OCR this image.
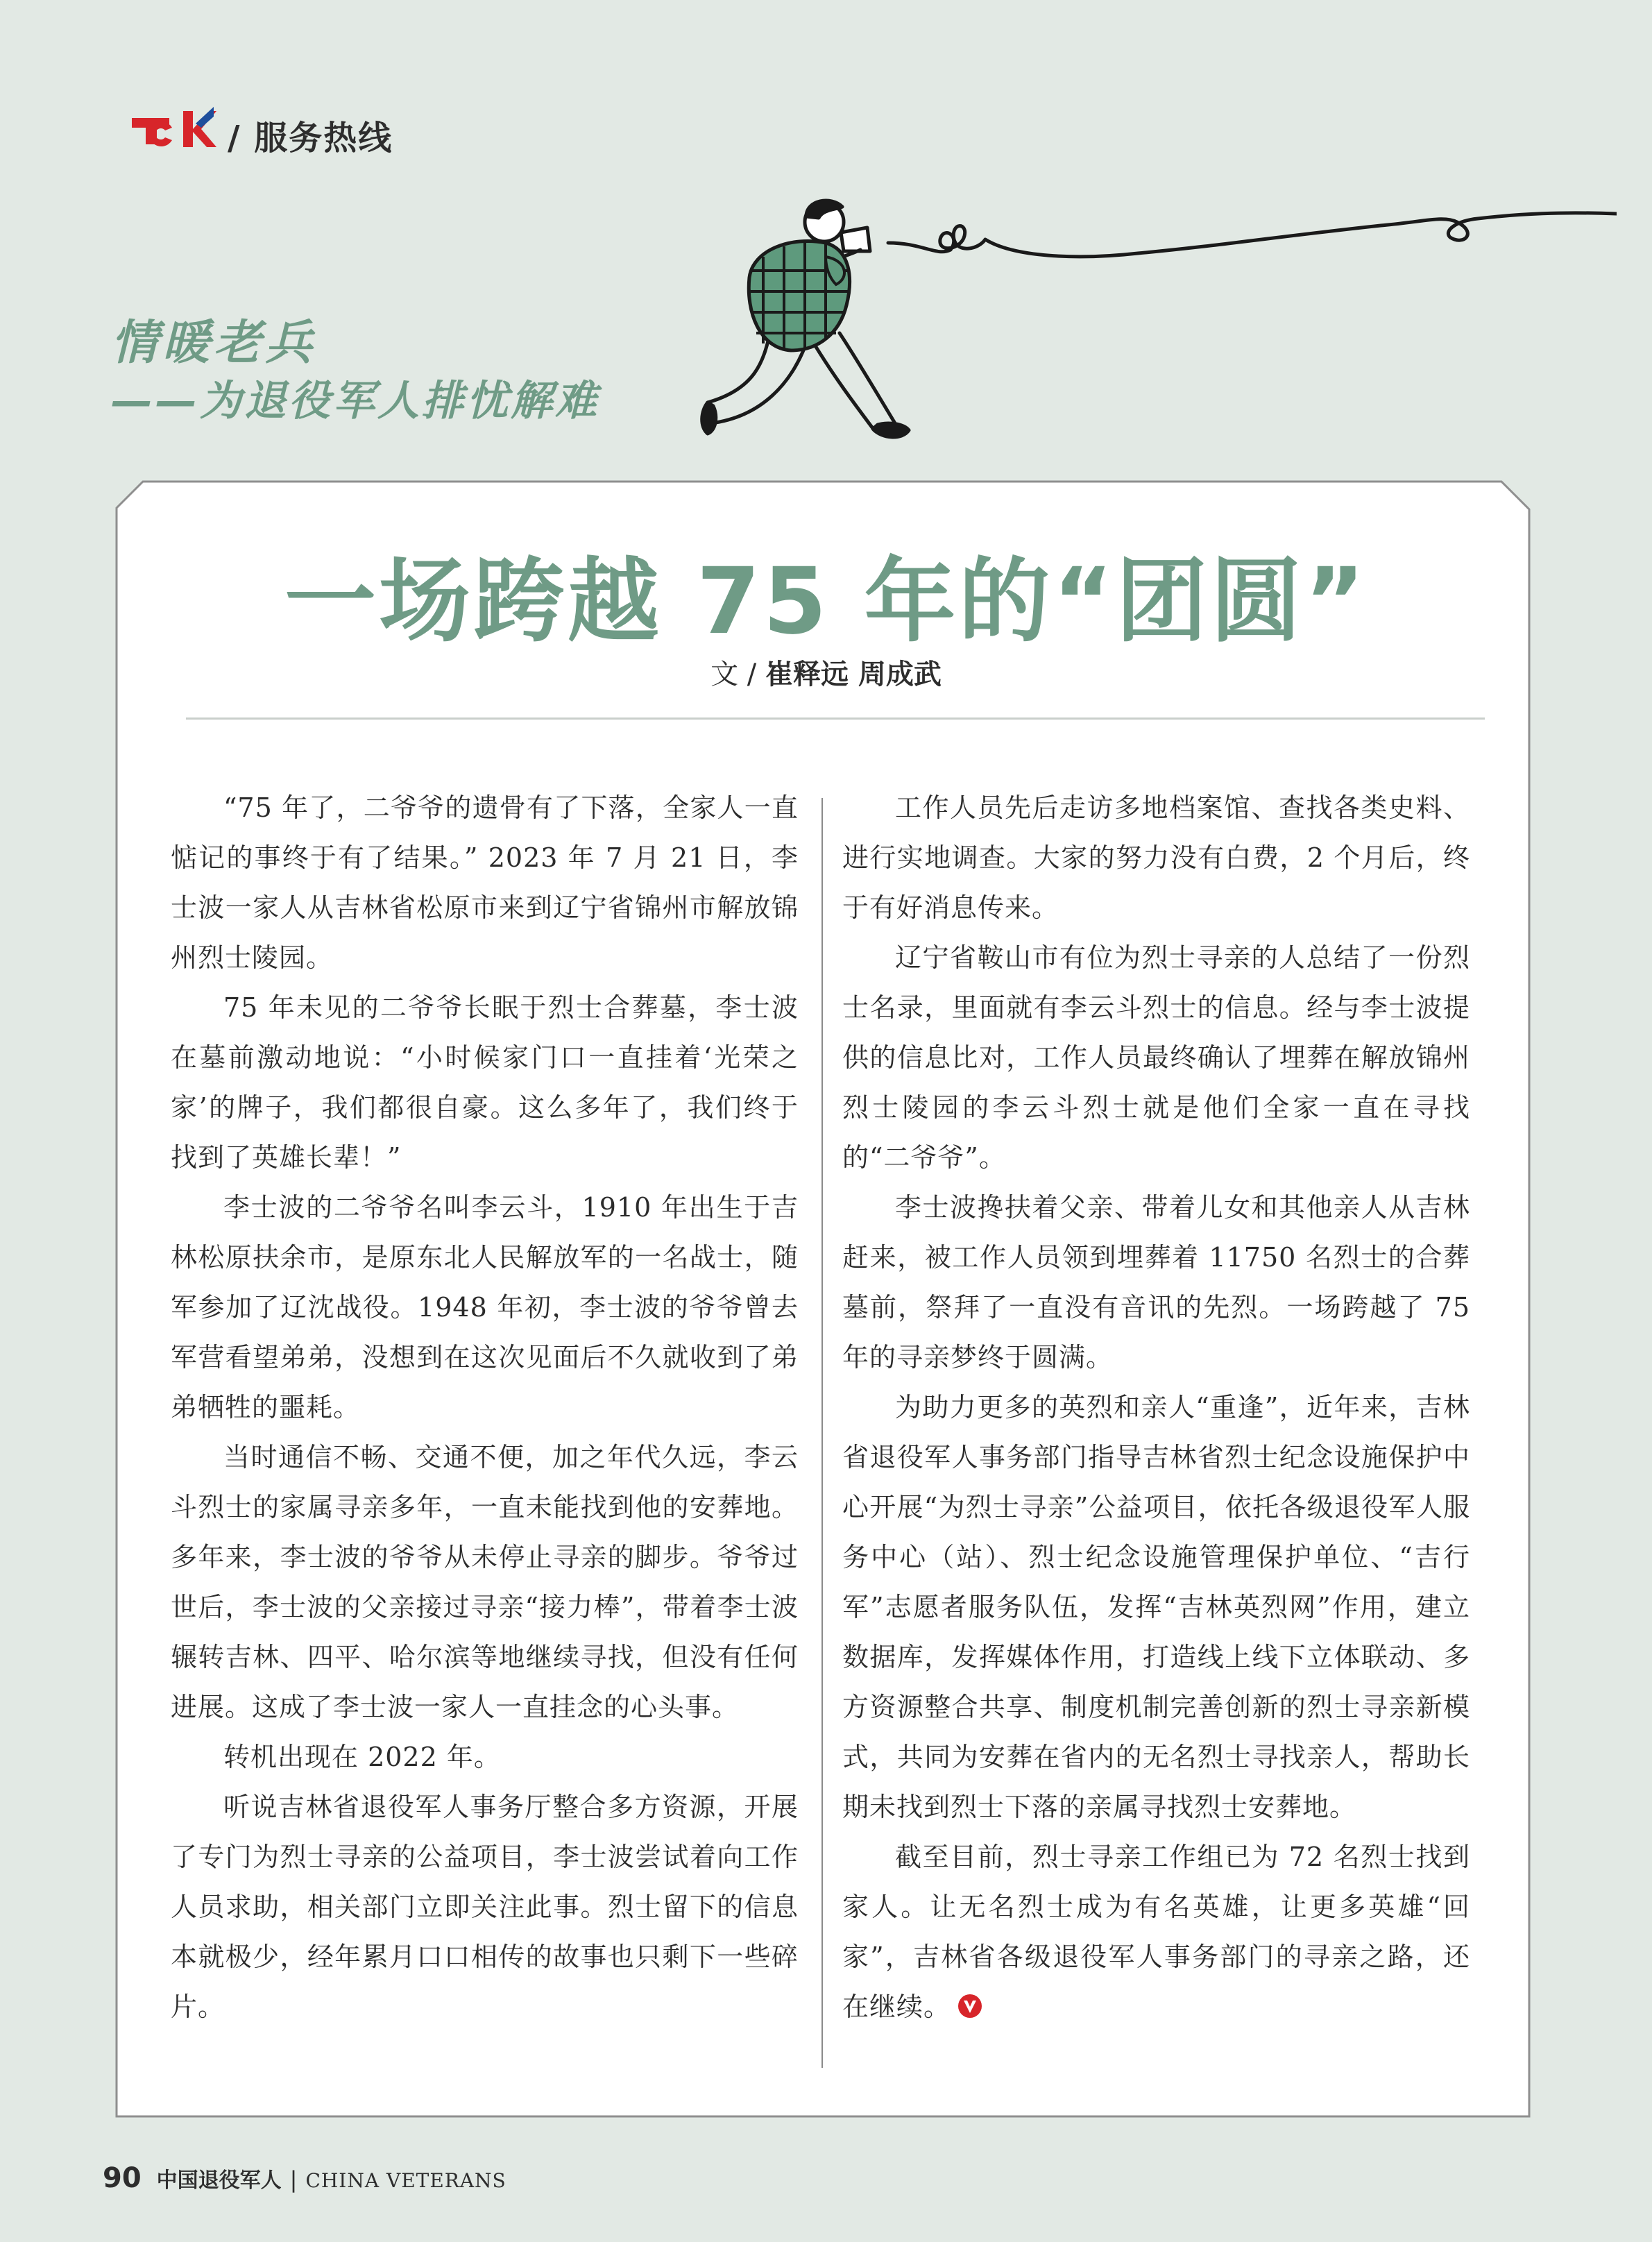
/ 服务热线
情暖老兵
——为退役军人排忧解难
一场跨越 75 年的“团圆”
文 / 崔释远 周成武

“75 年了，二爷爷的遗骨有了下落，全家人一直惦记的事终于有了结果。” 2023 年 7 月 21 日，李士波一家人从吉林省松原市来到辽宁省锦州市解放锦州烈士陵园。

75 年未见的二爷爷长眠于烈士合葬墓，李士波在墓前激动地说：“小时候家门口一直挂着‘光荣之家’的牌子，我们都很自豪。这么多年了，我们终于找到了英雄长辈！”

李士波的二爷爷名叫李云斗，1910 年出生于吉林松原扶余市，是原东北人民解放军的一名战士，随军参加了辽沈战役。1948 年初，李士波的爷爷曾去军营看望弟弟，没想到在这次见面后不久就收到了弟弟牺牲的噩耗。

当时通信不畅、交通不便，加之年代久远，李云斗烈士的家属寻亲多年，一直未能找到他的安葬地。多年来，李士波的爷爷从未停止寻亲的脚步。爷爷过世后，李士波的父亲接过寻亲“接力棒”，带着李士波辗转吉林、四平、哈尔滨等地继续寻找，但没有任何进展。这成了李士波一家人一直挂念的心头事。

转机出现在 2022 年。

听说吉林省退役军人事务厅整合多方资源，开展了专门为烈士寻亲的公益项目，李士波尝试着向工作人员求助，相关部门立即关注此事。烈士留下的信息本就极少，经年累月口口相传的故事也只剩下一些碎片。

工作人员先后走访多地档案馆、查找各类史料、进行实地调查。大家的努力没有白费，2 个月后，终于有好消息传来。

辽宁省鞍山市有位为烈士寻亲的人总结了一份烈士名录，里面就有李云斗烈士的信息。经与李士波提供的信息比对，工作人员最终确认了埋葬在解放锦州烈士陵园的李云斗烈士就是他们全家一直在寻找的“二爷爷”。

李士波搀扶着父亲、带着儿女和其他亲人从吉林赶来，被工作人员领到埋葬着 11750 名烈士的合葬墓前，祭拜了一直没有音讯的先烈。一场跨越了 75 年的寻亲梦终于圆满。

为助力更多的英烈和亲人“重逢”，近年来，吉林省退役军人事务部门指导吉林省烈士纪念设施保护中心开展“为烈士寻亲”公益项目，依托各级退役军人服务中心（站）、烈士纪念设施管理保护单位、“吉行军”志愿者服务队伍，发挥“吉林英烈网”作用，建立数据库，发挥媒体作用，打造线上线下立体联动、多方资源整合共享、制度机制完善创新的烈士寻亲新模式，共同为安葬在省内的无名烈士寻找亲人，帮助长期未找到烈士下落的亲属寻找烈士安葬地。

截至目前，烈士寻亲工作组已为 72 名烈士找到家人。让无名烈士成为有名英雄，让更多英雄“回家”，吉林省各级退役军人事务部门的寻亲之路，还在继续。

90 中国退役军人 | CHINA VETERANS
